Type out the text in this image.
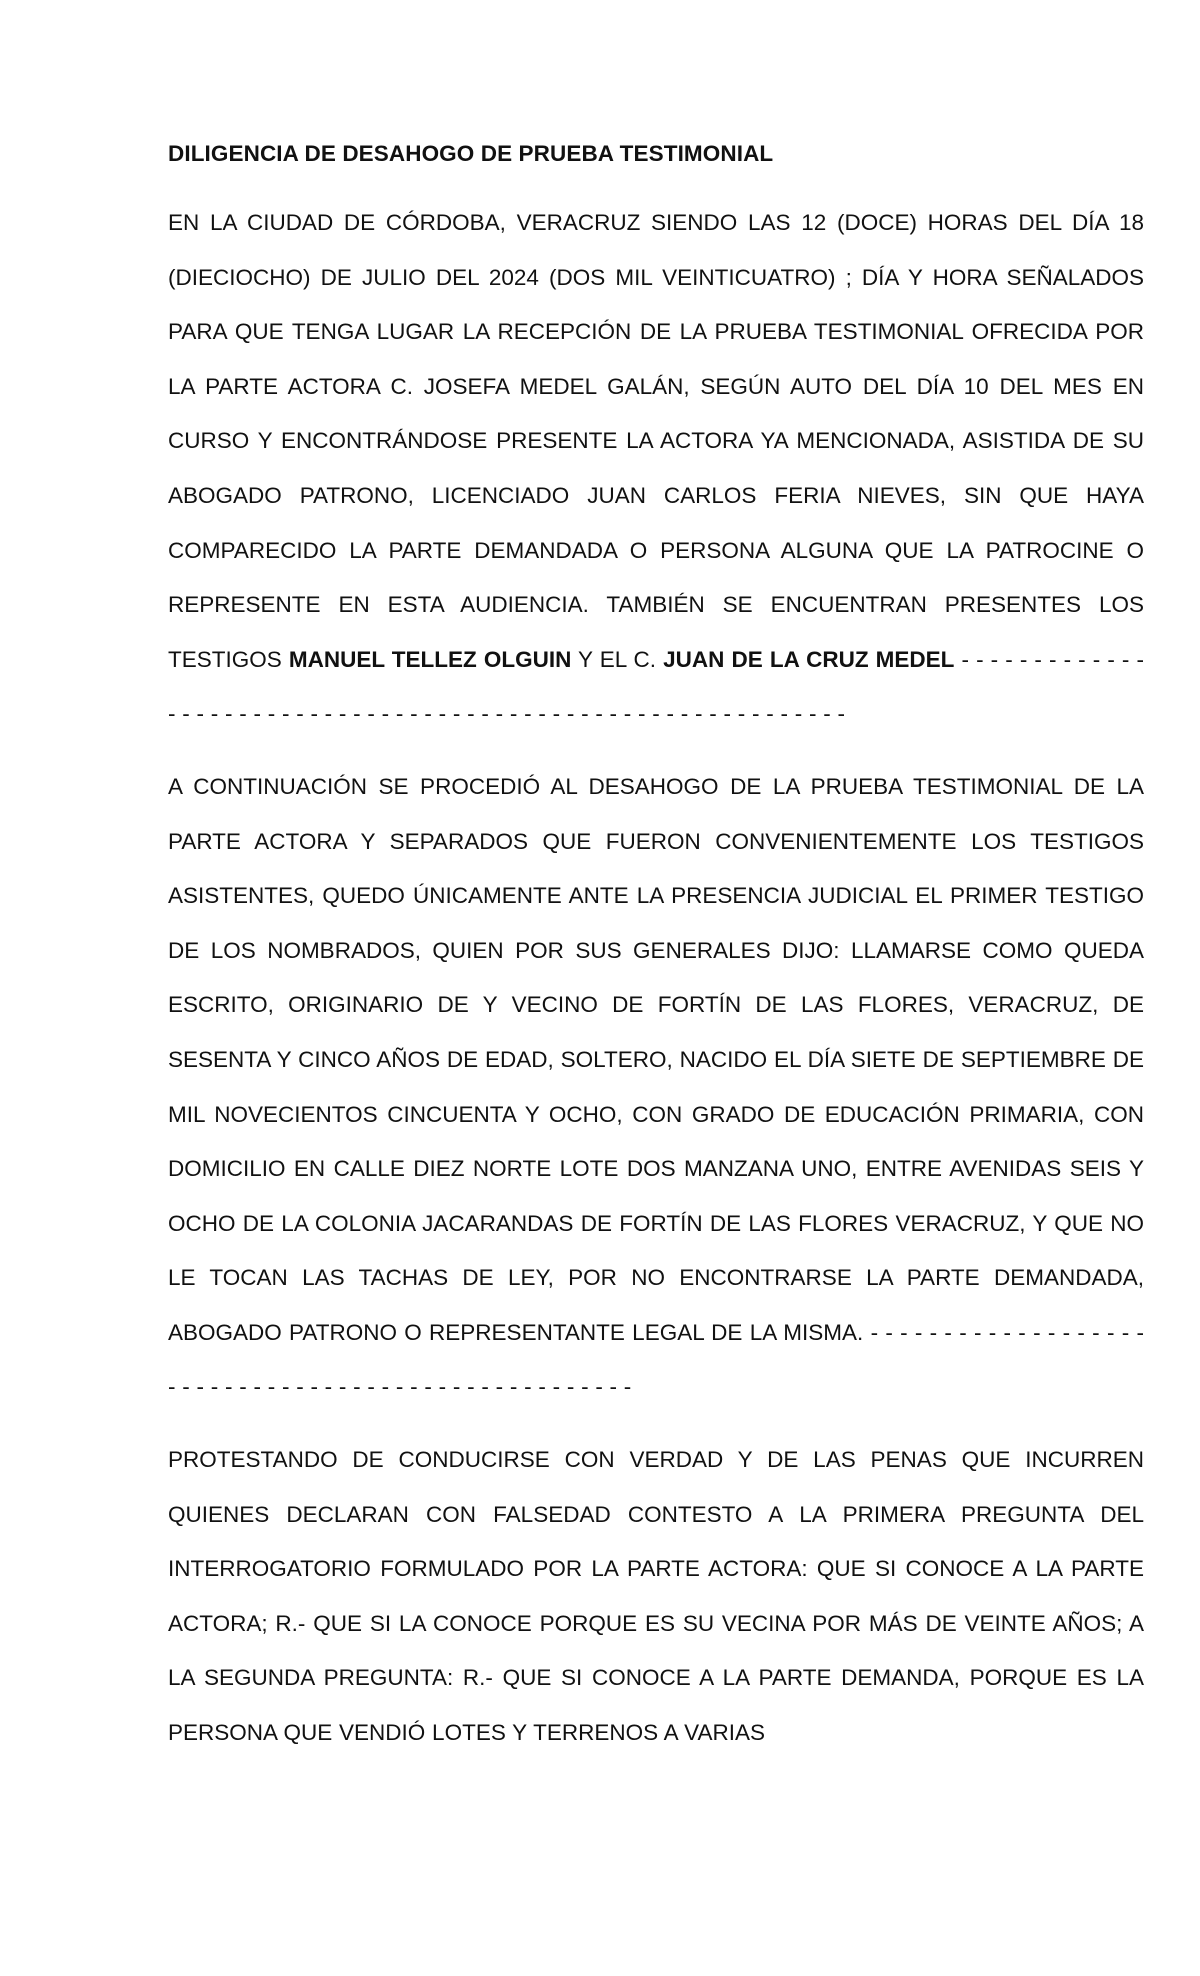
DILIGENCIA DE DESAHOGO DE PRUEBA TESTIMONIAL

EN LA CIUDAD DE CÓRDOBA, VERACRUZ SIENDO LAS 12 (DOCE) HORAS DEL DÍA 18 (DIECIOCHO) DE JULIO DEL 2024 (DOS MIL VEINTICUATRO) ; DÍA Y HORA SEÑALADOS PARA QUE TENGA LUGAR LA RECEPCIÓN DE LA PRUEBA TESTIMONIAL OFRECIDA POR LA PARTE ACTORA C. JOSEFA MEDEL GALÁN, SEGÚN AUTO DEL DÍA 10 DEL MES EN CURSO Y ENCONTRÁNDOSE PRESENTE LA ACTORA YA MENCIONADA, ASISTIDA DE SU ABOGADO PATRONO, LICENCIADO JUAN CARLOS FERIA NIEVES, SIN QUE HAYA COMPARECIDO LA PARTE DEMANDADA O PERSONA ALGUNA QUE LA PATROCINE O REPRESENTE EN ESTA AUDIENCIA. TAMBIÉN SE ENCUENTRAN PRESENTES LOS TESTIGOS MANUEL TELLEZ OLGUIN Y EL C. JUAN DE LA CRUZ MEDEL - - - - - - - - - - - - - - - - - - - - - - - - - - - - - - - - - - - - - - - - - - - - - - - - - - - - - - - - - - - - -

A CONTINUACIÓN SE PROCEDIÓ AL DESAHOGO DE LA PRUEBA TESTIMONIAL DE LA PARTE ACTORA Y SEPARADOS QUE FUERON CONVENIENTEMENTE LOS TESTIGOS ASISTENTES, QUEDO ÚNICAMENTE ANTE LA PRESENCIA JUDICIAL EL PRIMER TESTIGO DE LOS NOMBRADOS, QUIEN POR SUS GENERALES DIJO: LLAMARSE COMO QUEDA ESCRITO, ORIGINARIO DE Y VECINO DE FORTÍN DE LAS FLORES, VERACRUZ, DE SESENTA Y CINCO AÑOS DE EDAD, SOLTERO, NACIDO EL DÍA SIETE DE SEPTIEMBRE DE MIL NOVECIENTOS CINCUENTA Y OCHO, CON GRADO DE EDUCACIÓN PRIMARIA, CON DOMICILIO EN CALLE DIEZ NORTE LOTE DOS MANZANA UNO, ENTRE AVENIDAS SEIS Y OCHO DE LA COLONIA JACARANDAS DE FORTÍN DE LAS FLORES VERACRUZ, Y QUE NO LE TOCAN LAS TACHAS DE LEY, POR NO ENCONTRARSE LA PARTE DEMANDADA, ABOGADO PATRONO O REPRESENTANTE LEGAL DE LA MISMA. - - - - - - - - - - - - - - - - - - - - - - - - - - - - - - - - - - - - - - - - - - - - - - - - - - - -

PROTESTANDO DE CONDUCIRSE CON VERDAD Y DE LAS PENAS QUE INCURREN QUIENES DECLARAN CON FALSEDAD CONTESTO A LA PRIMERA PREGUNTA DEL INTERROGATORIO FORMULADO POR LA PARTE ACTORA: QUE SI CONOCE A LA PARTE ACTORA; R.- QUE SI LA CONOCE PORQUE ES SU VECINA POR MÁS DE VEINTE AÑOS; A LA SEGUNDA PREGUNTA: R.- QUE SI CONOCE A LA PARTE DEMANDA, PORQUE ES LA PERSONA QUE VENDIÓ LOTES Y TERRENOS A VARIAS
